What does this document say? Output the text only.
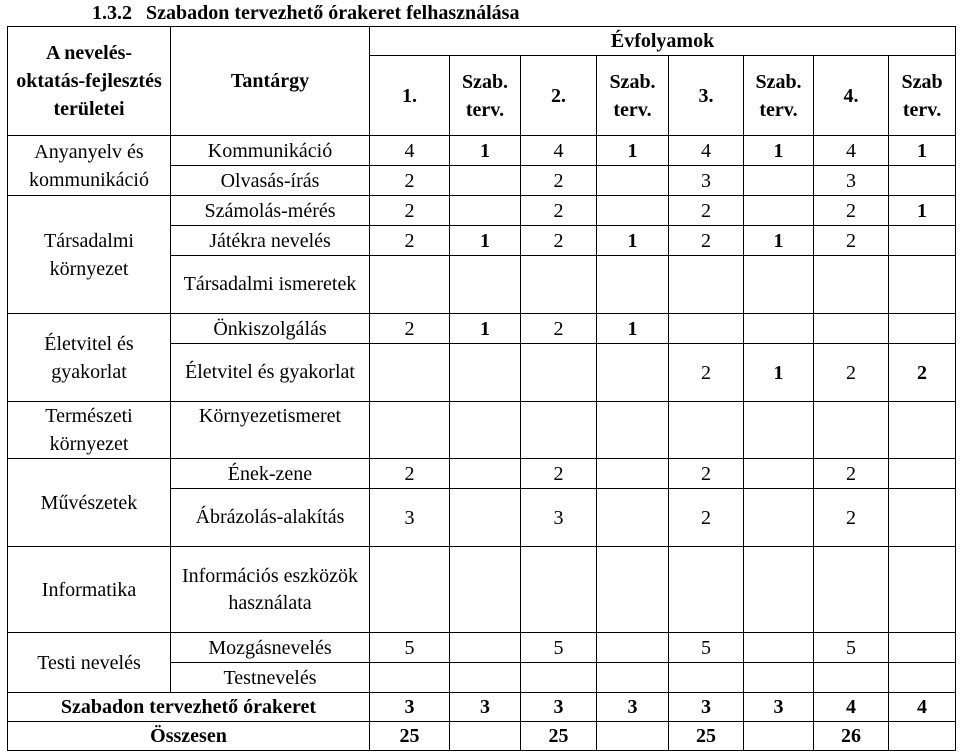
1.3.2 Szabadon tervezhető órakeret felhasználása
A nevelés-oktatás-fejlesztés területei	Tantárgy	Évfolyamok							
		1.	Szab. terv.	2.	Szab. terv.	3.	Szab. terv.	4.	Szab terv.
Anyanyelv és kommunikáció	Kommunikáció	4	1	4	1	4	1	4	1
	Olvasás-írás	2		2		3		3	
Társadalmi környezet	Számolás-mérés	2		2		2		2	1
	Játékra nevelés	2	1	2	1	2	1	2	
	Társadalmi ismeretek								
Életvitel és gyakorlat	Önkiszolgálás	2	1	2	1				
	Életvitel és gyakorlat					2	1	2	2
Természeti környezet	Környezetismeret								
Művészetek	Ének-zene	2		2		2		2	
	Ábrázolás-alakítás	3		3		2		2	
Informatika	Információs eszközök használata								
Testi nevelés	Mozgásnevelés	5		5		5		5	
	Testnevelés								
Szabadon tervezhető órakeret		3	3	3	3	3	3	4	4
Összesen		25		25		25		26	
